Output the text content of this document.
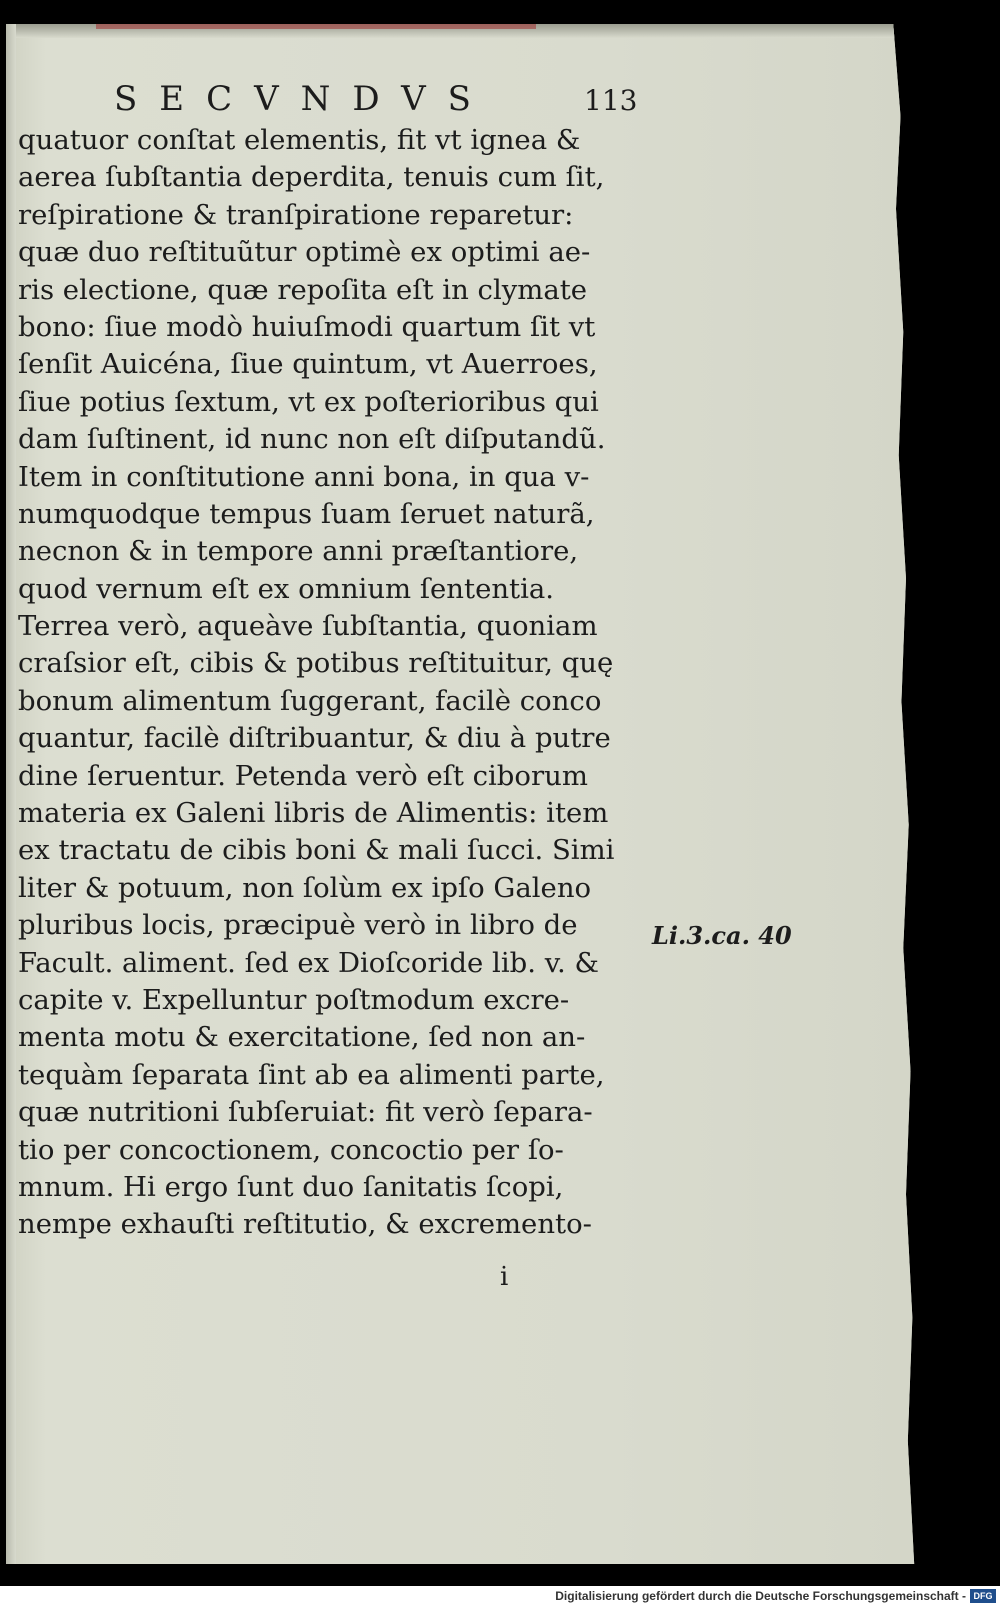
SECVNDVS	113
quatuor conſtat elementis, fit vt ignea &
aerea ſubſtantia deperdita, tenuis cum ſit,
reſpiratione & tranſpiratione reparetur:
quæ duo reſtituũtur optimè ex optimi ae-
ris electione, quæ repoſita eſt in clymate
bono: ſiue modò huiuſmodi quartum ſit vt
ſenſit Auicéna, ſiue quintum, vt Auerroes,
ſiue potius ſextum, vt ex poſterioribus qui
dam ſuſtinent, id nunc non eſt diſputandũ.
Item in conſtitutione anni bona, in qua v-
numquodque tempus ſuam ſeruet naturã,
necnon & in tempore anni præſtantiore,
quod vernum eſt ex omnium ſententia.
Terrea verò, aqueàve ſubſtantia, quoniam
craſsior eſt, cibis & potibus reſtituitur, quę
bonum alimentum ſuggerant, facilè conco
quantur, facilè diſtribuantur, & diu à putre
dine ſeruentur. Petenda verò eſt ciborum
materia ex Galeni libris de Alimentis: item
ex tractatu de cibis boni & mali ſucci. Simi
liter & potuum, non ſolùm ex ipſo Galeno
pluribus locis, præcipuè verò in libro de
Facult. aliment. ſed ex Dioſcoride lib. v. &
capite v. Expelluntur poſtmodum excre-
menta motu & exercitatione, ſed non an-
tequàm ſeparata ſint ab ea alimenti parte,
quæ nutritioni ſubſeruiat: fit verò ſepara-
tio per concoctionem, concoctio per ſo-
mnum. Hi ergo ſunt duo ſanitatis ſcopi,
nempe exhauſti reſtitutio, & excremento-
Li.3.ca. 40
i
Digitalisierung gefördert durch die Deutsche Forschungsgemeinschaft - DFG
